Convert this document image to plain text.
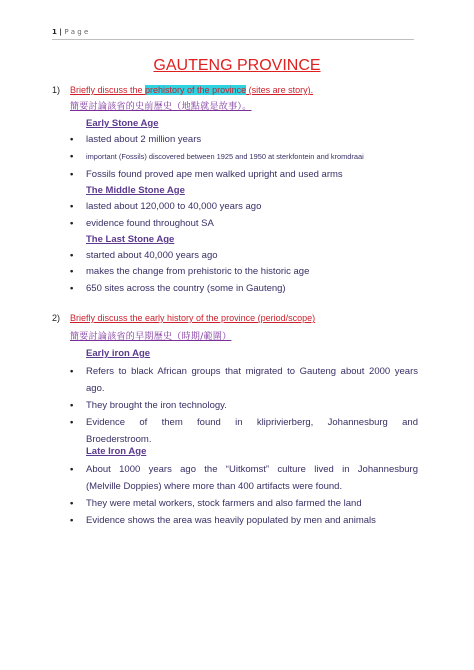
1 | P a g e
GAUTENG PROVINCE
1) Briefly discuss the prehistory of the province (sites are story).
簡要討論該省的史前歷史（地點就是故事）。
Early Stone Age
•	lasted about 2 million years
•	important (Fossils) discovered between 1925 and 1950 at sterkfontein and kromdraai
•	Fossils found proved ape men walked upright and used arms
The Middle Stone Age
•	lasted about 120,000 to 40,000 years ago
•	evidence found throughout SA
The Last Stone Age
•	started about 40,000 years ago
•	makes the change from prehistoric to the historic age
•	650 sites across the country (some in Gauteng)
2) Briefly discuss the early history of the province (period/scope)
簡要討論該省的早期歷史（時期/範圍）
Early iron Age
•	Refers to black African groups that migrated to Gauteng about 2000 years
ago.
•	They brought the iron technology.
•	Evidence of them found in kliprivierberg, Johannesburg and
Broederstroom.
Late Iron Age
•	About 1000 years ago the “Uitkomst” culture lived in Johannesburg
(Melville Doppies) where more than 400 artifacts were found.
•	They were metal workers, stock farmers and also farmed the land
•	Evidence shows the area was heavily populated by men and animals
